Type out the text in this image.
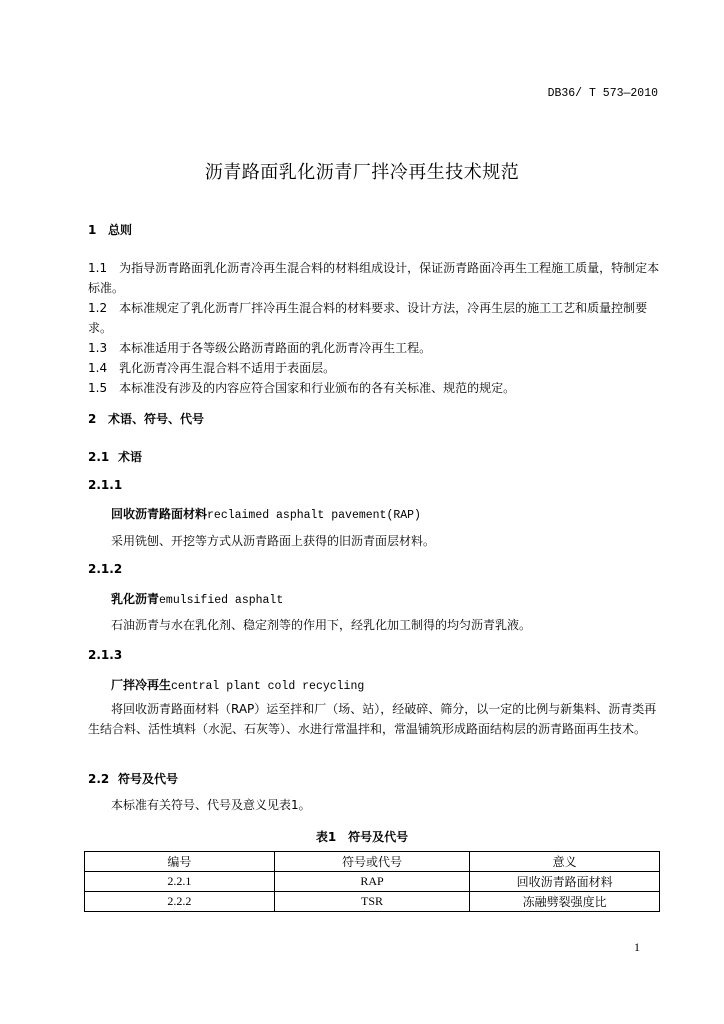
DB36/ T 573—2010
沥青路面乳化沥青厂拌冷再生技术规范
1 总则

1.1 为指导沥青路面乳化沥青冷再生混合料的材料组成设计，保证沥青路面冷再生工程施工质量，特制定本标准。

1.2 本标准规定了乳化沥青厂拌冷再生混合料的材料要求、设计方法，冷再生层的施工工艺和质量控制要求。

1.3 本标准适用于各等级公路沥青路面的乳化沥青冷再生工程。

1.4 乳化沥青冷再生混合料不适用于表面层。

1.5 本标准没有涉及的内容应符合国家和行业颁布的各有关标准、规范的规定。

2 术语、符号、代号
2.1 术语
2.1.1
回收沥青路面材料reclaimed asphalt pavement(RAP)
采用铣刨、开挖等方式从沥青路面上获得的旧沥青面层材料。
2.1.2
乳化沥青emulsified asphalt
石油沥青与水在乳化剂、稳定剂等的作用下，经乳化加工制得的均匀沥青乳液。
2.1.3
厂拌冷再生central plant cold recycling
将回收沥青路面材料（RAP）运至拌和厂（场、站），经破碎、筛分，以一定的比例与新集料、沥青类再生结合料、活性填料（水泥、石灰等）、水进行常温拌和，常温铺筑形成路面结构层的沥青路面再生技术。
2.2 符号及代号
本标准有关符号、代号及意义见表1。
表1　符号及代号
编号	符号或代号	意义
2.2.1	RAP	回收沥青路面材料
2.2.2	TSR	冻融劈裂强度比
1
